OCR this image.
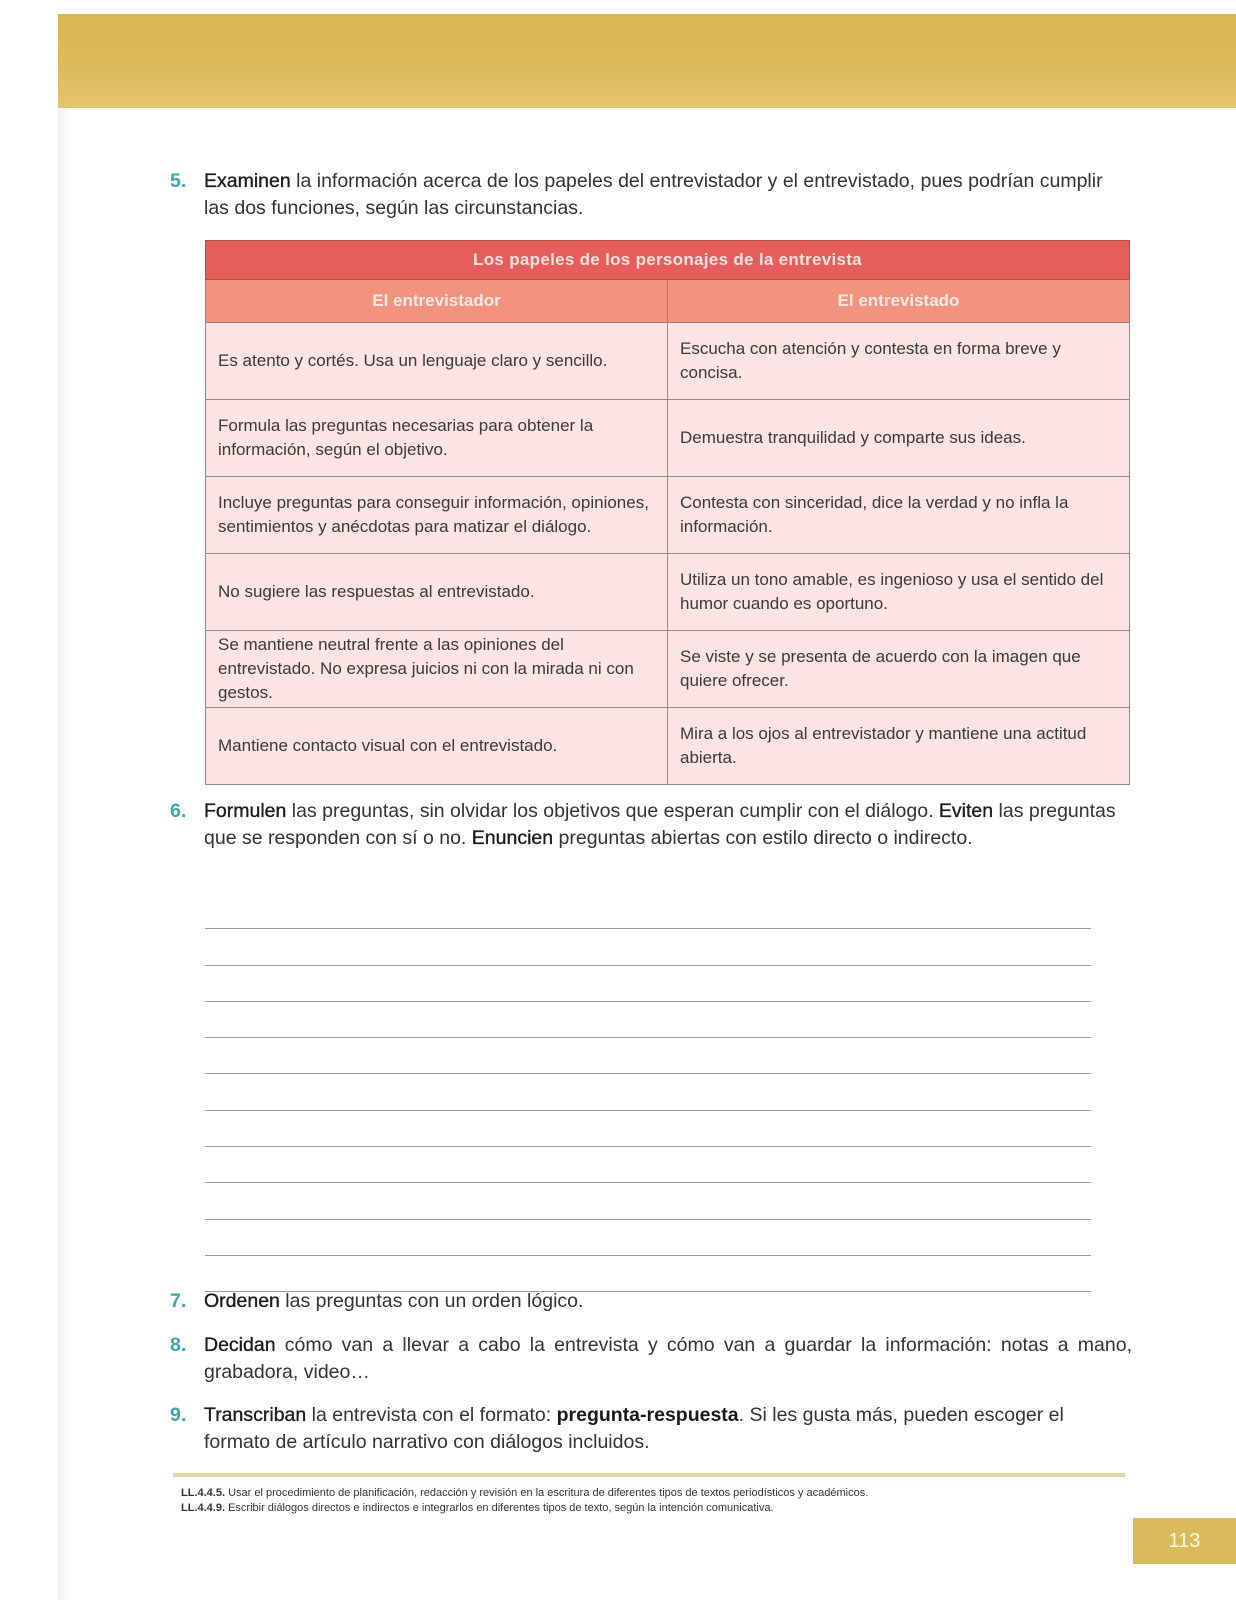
5. Examinen la información acerca de los papeles del entrevistador y el entrevistado, pues podrían cumplir las dos funciones, según las circunstancias.
Los papeles de los personajes de la entrevista	
El entrevistador	El entrevistado
Es atento y cortés. Usa un lenguaje claro y sencillo.	Escucha con atención y contesta en forma breve y concisa.
Formula las preguntas necesarias para obtener la información, según el objetivo.	Demuestra tranquilidad y comparte sus ideas.
Incluye preguntas para conseguir información, opiniones, sentimientos y anécdotas para matizar el diálogo.	Contesta con sinceridad, dice la verdad y no infla la información.
No sugiere las respuestas al entrevistado.	Utiliza un tono amable, es ingenioso y usa el sentido del humor cuando es oportuno.
Se mantiene neutral frente a las opiniones del entrevistado. No expresa juicios ni con la mirada ni con gestos.	Se viste y se presenta de acuerdo con la imagen que quiere ofrecer.
Mantiene contacto visual con el entrevistado.	Mira a los ojos al entrevistador y mantiene una actitud abierta.
6. Formulen las preguntas, sin olvidar los objetivos que esperan cumplir con el diálogo. Eviten las preguntas que se responden con sí o no. Enuncien preguntas abiertas con estilo directo o indirecto.
7. Ordenen las preguntas con un orden lógico.
8. Decidan cómo van a llevar a cabo la entrevista y cómo van a guardar la información: notas a mano, grabadora, video…
9. Transcriban la entrevista con el formato: pregunta-respuesta. Si les gusta más, pueden escoger el formato de artículo narrativo con diálogos incluidos.
LL.4.4.5. Usar el procedimiento de planificación, redacción y revisión en la escritura de diferentes tipos de textos periodísticos y académicos.
LL.4.4.9. Escribir diálogos directos e indirectos e integrarlos en diferentes tipos de texto, según la intención comunicativa.
113
